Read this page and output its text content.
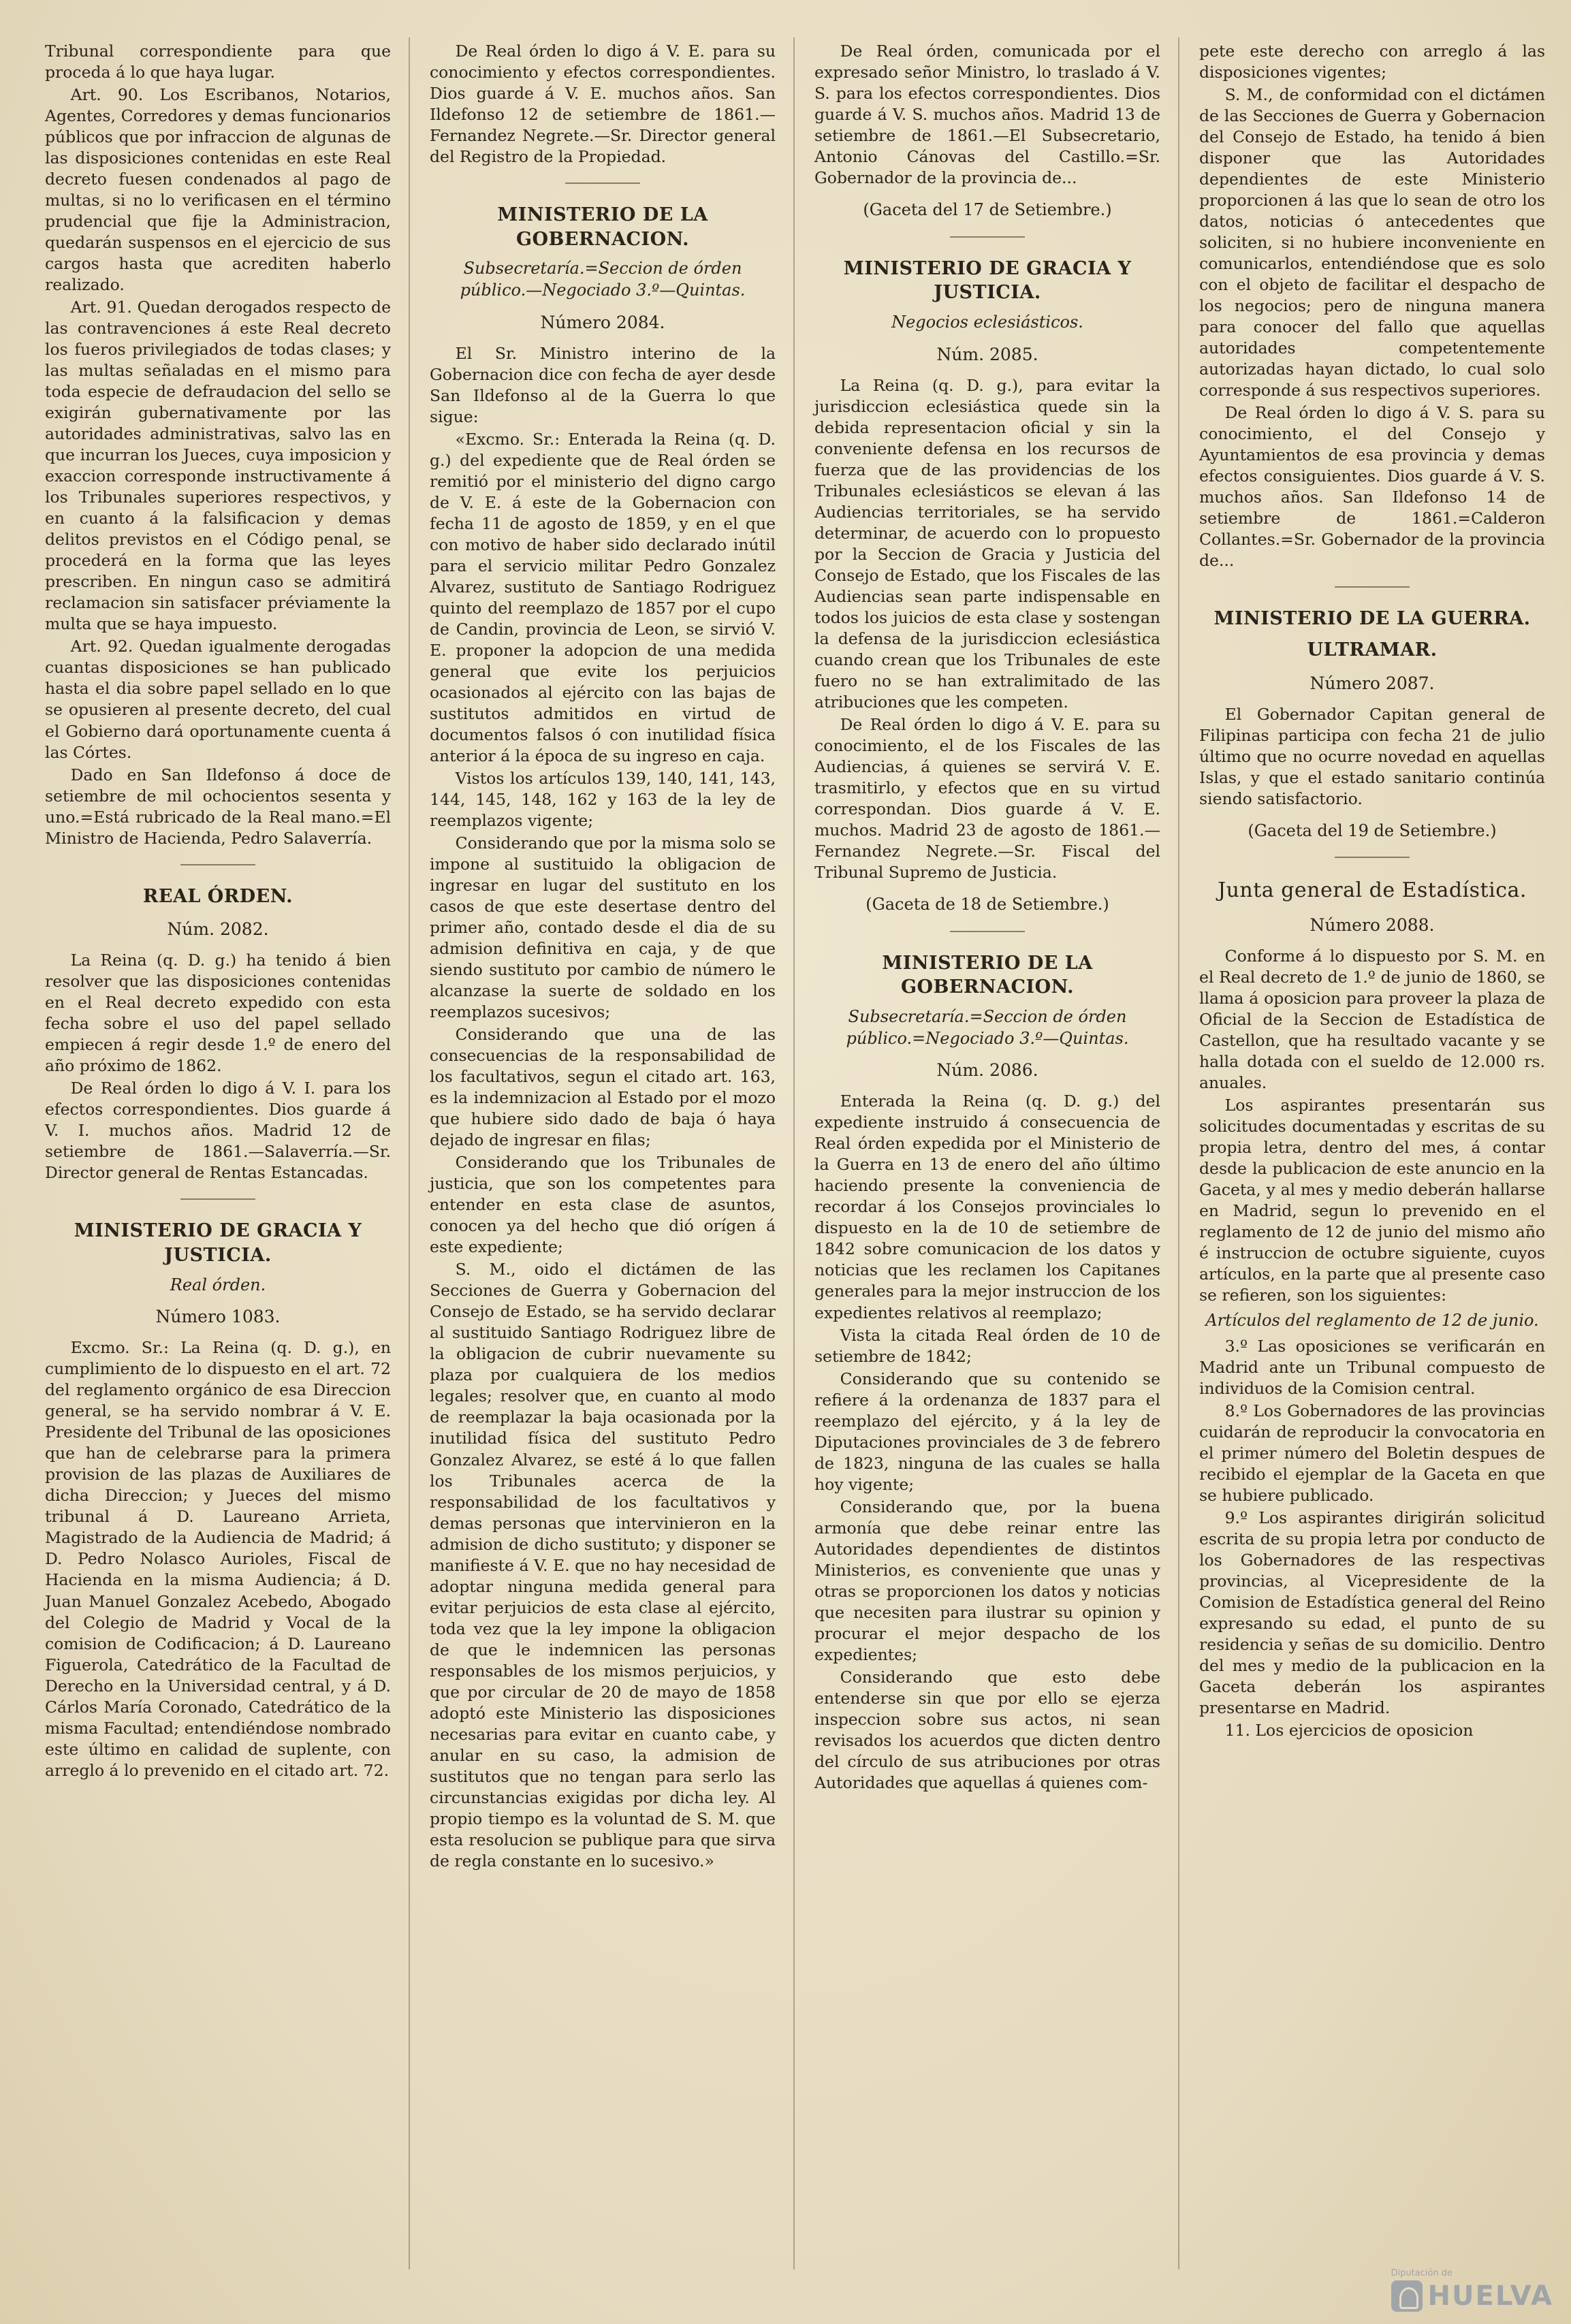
Tribunal correspondiente para que proceda á lo que haya lugar.

Art. 90. Los Escribanos, Notarios, Agentes, Corredores y demas funcionarios públicos que por infraccion de algunas de las disposiciones contenidas en este Real decreto fuesen condenados al pago de multas, si no lo verificasen en el término prudencial que fije la Administracion, quedarán suspensos en el ejercicio de sus cargos hasta que acrediten haberlo realizado.

Art. 91. Quedan derogados respecto de las contravenciones á este Real decreto los fueros privilegiados de todas clases; y las multas señaladas en el mismo para toda especie de defraudacion del sello se exigirán gubernativamente por las autoridades administrativas, salvo las en que incurran los Jueces, cuya imposicion y exaccion corresponde instructivamente á los Tribunales superiores respectivos, y en cuanto á la falsificacion y demas delitos previstos en el Código penal, se procederá en la forma que las leyes prescriben. En ningun caso se admitirá reclamacion sin satisfacer préviamente la multa que se haya impuesto.

Art. 92. Quedan igualmente derogadas cuantas disposiciones se han publicado hasta el dia sobre papel sellado en lo que se opusieren al presente decreto, del cual el Gobierno dará oportunamente cuenta á las Córtes.

Dado en San Ildefonso á doce de setiembre de mil ochocientos sesenta y uno.=Está rubricado de la Real mano.=El Ministro de Hacienda, Pedro Salaverría.

REAL ÓRDEN.
Núm. 2082.

La Reina (q. D. g.) ha tenido á bien resolver que las disposiciones contenidas en el Real decreto expedido con esta fecha sobre el uso del papel sellado empiecen á regir desde 1.º de enero del año próximo de 1862.

De Real órden lo digo á V. I. para los efectos correspondientes. Dios guarde á V. I. muchos años. Madrid 12 de setiembre de 1861.—Salaverría.—Sr. Director general de Rentas Estancadas.

MINISTERIO DE GRACIA Y JUSTICIA.
Real órden.
Número 1083.

Excmo. Sr.: La Reina (q. D. g.), en cumplimiento de lo dispuesto en el art. 72 del reglamento orgánico de esa Direccion general, se ha servido nombrar á V. E. Presidente del Tribunal de las oposiciones que han de celebrarse para la primera provision de las plazas de Auxiliares de dicha Direccion; y Jueces del mismo tribunal á D. Laureano Arrieta, Magistrado de la Audiencia de Madrid; á D. Pedro Nolasco Aurioles, Fiscal de Hacienda en la misma Audiencia; á D. Juan Manuel Gonzalez Acebedo, Abogado del Colegio de Madrid y Vocal de la comision de Codificacion; á D. Laureano Figuerola, Catedrático de la Facultad de Derecho en la Universidad central, y á D. Cárlos María Coronado, Catedrático de la misma Facultad; entendiéndose nombrado este último en calidad de suplente, con arreglo á lo prevenido en el citado art. 72.

De Real órden lo digo á V. E. para su conocimiento y efectos correspondientes. Dios guarde á V. E. muchos años. San Ildefonso 12 de setiembre de 1861.—Fernandez Negrete.—Sr. Director general del Registro de la Propiedad.

MINISTERIO DE LA GOBERNACION.
Subsecretaría.=Seccion de órden público.—Negociado 3.º—Quintas.
Número 2084.

El Sr. Ministro interino de la Gobernacion dice con fecha de ayer desde San Ildefonso al de la Guerra lo que sigue:

«Excmo. Sr.: Enterada la Reina (q. D. g.) del expediente que de Real órden se remitió por el ministerio del digno cargo de V. E. á este de la Gobernacion con fecha 11 de agosto de 1859, y en el que con motivo de haber sido declarado inútil para el servicio militar Pedro Gonzalez Alvarez, sustituto de Santiago Rodriguez quinto del reemplazo de 1857 por el cupo de Candin, provincia de Leon, se sirvió V. E. proponer la adopcion de una medida general que evite los perjuicios ocasionados al ejército con las bajas de sustitutos admitidos en virtud de documentos falsos ó con inutilidad física anterior á la época de su ingreso en caja.

Vistos los artículos 139, 140, 141, 143, 144, 145, 148, 162 y 163 de la ley de reemplazos vigente;

Considerando que por la misma solo se impone al sustituido la obligacion de ingresar en lugar del sustituto en los casos de que este desertase dentro del primer año, contado desde el dia de su admision definitiva en caja, y de que siendo sustituto por cambio de número le alcanzase la suerte de soldado en los reemplazos sucesivos;

Considerando que una de las consecuencias de la responsabilidad de los facultativos, segun el citado art. 163, es la indemnizacion al Estado por el mozo que hubiere sido dado de baja ó haya dejado de ingresar en filas;

Considerando que los Tribunales de justicia, que son los competentes para entender en esta clase de asuntos, conocen ya del hecho que dió orígen á este expediente;

S. M., oido el dictámen de las Secciones de Guerra y Gobernacion del Consejo de Estado, se ha servido declarar al sustituido Santiago Rodriguez libre de la obligacion de cubrir nuevamente su plaza por cualquiera de los medios legales; resolver que, en cuanto al modo de reemplazar la baja ocasionada por la inutilidad física del sustituto Pedro Gonzalez Alvarez, se esté á lo que fallen los Tribunales acerca de la responsabilidad de los facultativos y demas personas que intervinieron en la admision de dicho sustituto; y disponer se manifieste á V. E. que no hay necesidad de adoptar ninguna medida general para evitar perjuicios de esta clase al ejército, toda vez que la ley impone la obligacion de que le indemnicen las personas responsables de los mismos perjuicios, y que por circular de 20 de mayo de 1858 adoptó este Ministerio las disposiciones necesarias para evitar en cuanto cabe, y anular en su caso, la admision de sustitutos que no tengan para serlo las circunstancias exigidas por dicha ley. Al propio tiempo es la voluntad de S. M. que esta resolucion se publique para que sirva de regla constante en lo sucesivo.»

De Real órden, comunicada por el expresado señor Ministro, lo traslado á V. S. para los efectos correspondientes. Dios guarde á V. S. muchos años. Madrid 13 de setiembre de 1861.—El Subsecretario, Antonio Cánovas del Castillo.=Sr. Gobernador de la provincia de...

(Gaceta del 17 de Setiembre.)
MINISTERIO DE GRACIA Y JUSTICIA.
Negocios eclesiásticos.
Núm. 2085.

La Reina (q. D. g.), para evitar la jurisdiccion eclesiástica quede sin la debida representacion oficial y sin la conveniente defensa en los recursos de fuerza que de las providencias de los Tribunales eclesiásticos se elevan á las Audiencias territoriales, se ha servido determinar, de acuerdo con lo propuesto por la Seccion de Gracia y Justicia del Consejo de Estado, que los Fiscales de las Audiencias sean parte indispensable en todos los juicios de esta clase y sostengan la defensa de la jurisdiccion eclesiástica cuando crean que los Tribunales de este fuero no se han extralimitado de las atribuciones que les competen.

De Real órden lo digo á V. E. para su conocimiento, el de los Fiscales de las Audiencias, á quienes se servirá V. E. trasmitirlo, y efectos que en su virtud correspondan. Dios guarde á V. E. muchos. Madrid 23 de agosto de 1861.—Fernandez Negrete.—Sr. Fiscal del Tribunal Supremo de Justicia.

(Gaceta de 18 de Setiembre.)
MINISTERIO DE LA GOBERNACION.
Subsecretaría.=Seccion de órden público.=Negociado 3.º—Quintas.
Núm. 2086.

Enterada la Reina (q. D. g.) del expediente instruido á consecuencia de Real órden expedida por el Ministerio de la Guerra en 13 de enero del año último haciendo presente la conveniencia de recordar á los Consejos provinciales lo dispuesto en la de 10 de setiembre de 1842 sobre comunicacion de los datos y noticias que les reclamen los Capitanes generales para la mejor instruccion de los expedientes relativos al reemplazo;

Vista la citada Real órden de 10 de setiembre de 1842;

Considerando que su contenido se refiere á la ordenanza de 1837 para el reemplazo del ejército, y á la ley de Diputaciones provinciales de 3 de febrero de 1823, ninguna de las cuales se halla hoy vigente;

Considerando que, por la buena armonía que debe reinar entre las Autoridades dependientes de distintos Ministerios, es conveniente que unas y otras se proporcionen los datos y noticias que necesiten para ilustrar su opinion y procurar el mejor despacho de los expedientes;

Considerando que esto debe entenderse sin que por ello se ejerza inspeccion sobre sus actos, ni sean revisados los acuerdos que dicten dentro del círculo de sus atribuciones por otras Autoridades que aquellas á quienes com-

pete este derecho con arreglo á las disposiciones vigentes;

S. M., de conformidad con el dictámen de las Secciones de Guerra y Gobernacion del Consejo de Estado, ha tenido á bien disponer que las Autoridades dependientes de este Ministerio proporcionen á las que lo sean de otro los datos, noticias ó antecedentes que soliciten, si no hubiere inconveniente en comunicarlos, entendiéndose que es solo con el objeto de facilitar el despacho de los negocios; pero de ninguna manera para conocer del fallo que aquellas autoridades competentemente autorizadas hayan dictado, lo cual solo corresponde á sus respectivos superiores.

De Real órden lo digo á V. S. para su conocimiento, el del Consejo y Ayuntamientos de esa provincia y demas efectos consiguientes. Dios guarde á V. S. muchos años. San Ildefonso 14 de setiembre de 1861.=Calderon Collantes.=Sr. Gobernador de la provincia de...

MINISTERIO DE LA GUERRA.
ULTRAMAR.
Número 2087.

El Gobernador Capitan general de Filipinas participa con fecha 21 de julio último que no ocurre novedad en aquellas Islas, y que el estado sanitario continúa siendo satisfactorio.

(Gaceta del 19 de Setiembre.)
Junta general de Estadística.
Número 2088.

Conforme á lo dispuesto por S. M. en el Real decreto de 1.º de junio de 1860, se llama á oposicion para proveer la plaza de Oficial de la Seccion de Estadística de Castellon, que ha resultado vacante y se halla dotada con el sueldo de 12.000 rs. anuales.

Los aspirantes presentarán sus solicitudes documentadas y escritas de su propia letra, dentro del mes, á contar desde la publicacion de este anuncio en la Gaceta, y al mes y medio deberán hallarse en Madrid, segun lo prevenido en el reglamento de 12 de junio del mismo año é instruccion de octubre siguiente, cuyos artículos, en la parte que al presente caso se refieren, son los siguientes:

Artículos del reglamento de 12 de junio.

3.º Las oposiciones se verificarán en Madrid ante un Tribunal compuesto de individuos de la Comision central.

8.º Los Gobernadores de las provincias cuidarán de reproducir la convocatoria en el primer número del Boletin despues de recibido el ejemplar de la Gaceta en que se hubiere publicado.

9.º Los aspirantes dirigirán solicitud escrita de su propia letra por conducto de los Gobernadores de las respectivas provincias, al Vicepresidente de la Comision de Estadística general del Reino expresando su edad, el punto de su residencia y señas de su domicilio. Dentro del mes y medio de la publicacion en la Gaceta deberán los aspirantes presentarse en Madrid.

11. Los ejercicios de oposicion

Diputación de
HUELVA
